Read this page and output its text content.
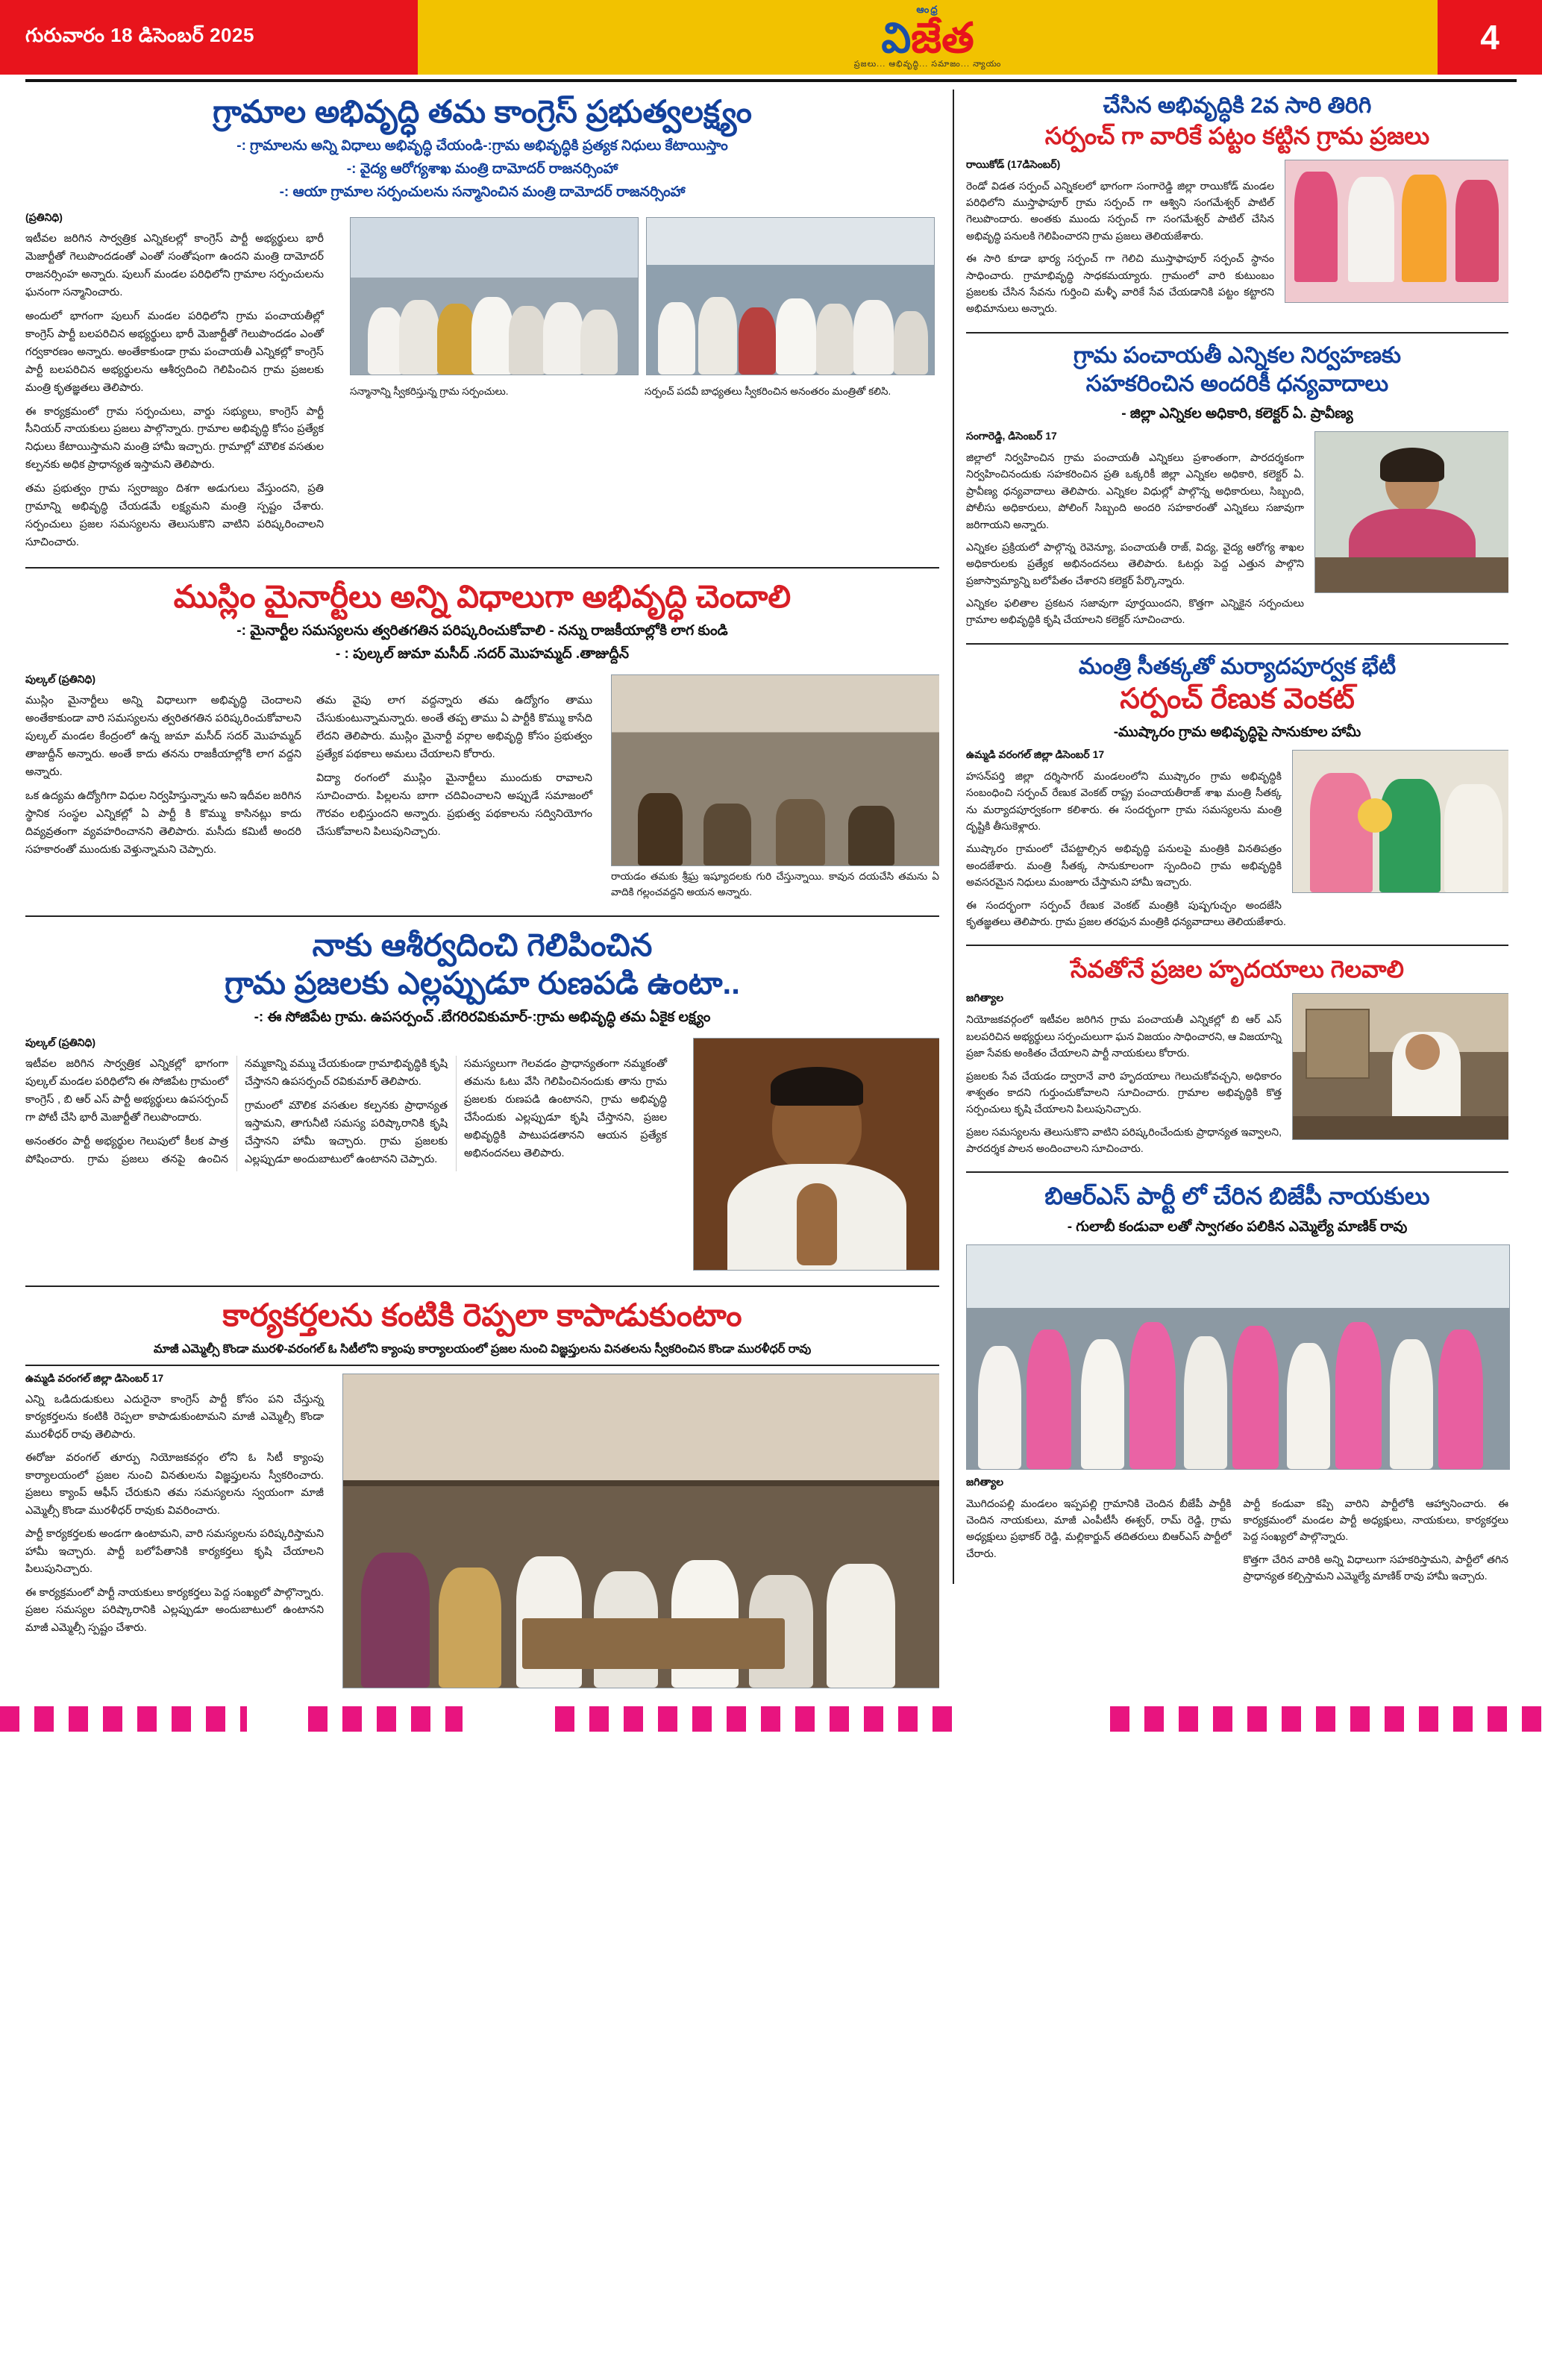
గురువారం 18 డిసెంబర్ 2025
ఆంధ్ర
విజేత
ప్రజలు... ఆభివృద్ధి... సమాజం... న్యాయం
4
గ్రామాల అభివృద్ధి తమ కాంగ్రెస్ ప్రభుత్వలక్ష్యం
-: గ్రామాలను అన్ని విధాలు అభివృద్ధి చేయండి-:గ్రామ అభివృద్ధికి ప్రత్యక నిధులు కేటాయిస్తాం
-: వైద్య ఆరోగ్యశాఖ మంత్రి దామోదర్ రాజనర్సింహా
-: ఆయా గ్రామాల సర్పంచులను సన్మానించిన మంత్రి దామోదర్ రాజనర్సింహా
సన్మానాన్ని స్వీకరిస్తున్న గ్రామ సర్పంచులు.	సర్పంచ్ పదవీ బాధ్యతలు స్వీకరించిన అనంతరం మంత్రితో కలిసి.
(ప్రతినిధి)

ఇటీవల జరిగిన సార్వత్రిక ఎన్నికలల్లో కాంగ్రెస్ పార్టీ అభ్యర్థులు భారీ మెజార్టీతో గెలుపొందడంతో ఎంతో సంతోషంగా ఉందని మంత్రి దామోదర్ రాజనర్సింహ అన్నారు. పులుగ్ మండల పరిధిలోని గ్రామాల సర్పంచులను ఘనంగా సన్మానించారు.

అందులో భాగంగా పులుగ్ మండల పరిధిలోని గ్రామ పంచాయతీల్లో కాంగ్రెస్ పార్టీ బలపరిచిన అభ్యర్థులు భారీ మెజార్టీతో గెలుపొందడం ఎంతో గర్వకారణం అన్నారు. అంతేకాకుండా గ్రామ పంచాయతీ ఎన్నికల్లో కాంగ్రెస్ పార్టీ బలపరిచిన అభ్యర్థులను ఆశీర్వదించి గెలిపించిన గ్రామ ప్రజలకు మంత్రి కృతజ్ఞతలు తెలిపారు.

ఈ కార్యక్రమంలో గ్రామ సర్పంచులు, వార్డు సభ్యులు, కాంగ్రెస్ పార్టీ సీనియర్ నాయకులు ప్రజలు పాల్గొన్నారు. గ్రామాల అభివృద్ధి కోసం ప్రత్యేక నిధులు కేటాయిస్తామని మంత్రి హామీ ఇచ్చారు. గ్రామాల్లో మౌలిక వసతుల కల్పనకు అధిక ప్రాధాన్యత ఇస్తామని తెలిపారు.

తమ ప్రభుత్వం గ్రామ స్వరాజ్యం దిశగా అడుగులు వేస్తుందని, ప్రతి గ్రామాన్ని అభివృద్ధి చేయడమే లక్ష్యమని మంత్రి స్పష్టం చేశారు. సర్పంచులు ప్రజల సమస్యలను తెలుసుకొని వాటిని పరిష్కరించాలని సూచించారు.

ముస్లిం మైనార్టీలు అన్ని విధాలుగా అభివృద్ధి చెందాలి
-: మైనార్టీల సమస్యలను త్వరితగతిన పరిష్కరించుకోవాలి - నన్ను రాజకీయాల్లోకి లాగ కుండి
- : పుల్కల్ జుమా మసీద్ .సదర్ మొహమ్మద్ .తాజుద్దీన్
రాయడం తమకు శ్రీఘ్ర ఇష్యూదలకు గురి చేస్తున్నాయి. కావున దయచేసి తమను ఏ వాదికి గల్లంచవద్దని అయన అన్నారు.
పుల్కల్ (ప్రతినిధి)

ముస్లిం మైనార్టీలు అన్ని విధాలుగా అభివృద్ధి చెందాలని అంతేకాకుండా వారి సమస్యలను త్వరితగతిన పరిష్కరించుకోవాలని పుల్కల్ మండల కేంద్రంలో ఉన్న జుమా మసీద్ సదర్ మొహమ్మద్ తాజుద్దీన్ అన్నారు. అంతే కాదు తనను రాజకీయాల్లోకి లాగ వద్దని అన్నారు.

ఒక ఉద్యమ ఉద్యోగిగా విధుల నిర్వహిస్తున్నాను అని ఇదీవల జరిగిన స్థానిక సంస్థల ఎన్నికల్లో ఏ పార్టీ కి కొమ్ము కాసినట్లు కాదు దివ్యవ్రతంగా వ్యవహరించానని తెలిపారు. మసీదు కమిటీ అందరి సహకారంతో ముందుకు వెళ్తున్నామని చెప్పారు.

తమ వైపు లాగ వద్దన్నారు తమ ఉద్యోగం తాము చేసుకుంటున్నామన్నారు. అంతే తప్ప తాము ఏ పార్టీకి కొమ్ము కాసేది లేదని తెలిపారు. ముస్లిం మైనార్టీ వర్గాల అభివృద్ధి కోసం ప్రభుత్వం ప్రత్యేక పథకాలు అమలు చేయాలని కోరారు.

విద్యా రంగంలో ముస్లిం మైనార్టీలు ముందుకు రావాలని సూచించారు. పిల్లలను బాగా చదివించాలని అప్పుడే సమాజంలో గౌరవం లభిస్తుందని అన్నారు. ప్రభుత్వ పథకాలను సద్వినియోగం చేసుకోవాలని పిలుపునిచ్చారు.

నాకు ఆశీర్వదించి గెలిపించిన
గ్రామ ప్రజలకు ఎల్లప్పుడూ రుణపడి ఉంటా..
-: ఈ సోజిపేట గ్రామ. ఉపసర్పంచ్ .బేగరిరవికుమార్-:గ్రామ అభివృద్ధి తమ ఏకైక లక్ష్యం
పుల్కల్ (ప్రతినిధి)

ఇటీవల జరిగిన సార్వత్రిక ఎన్నికల్లో భాగంగా పుల్కల్ మండల పరిధిలోని ఈ సోజిపేట గ్రామంలో కాంగ్రెస్ , బి ఆర్ ఎస్ పార్టీ అభ్యర్థులు ఉపసర్పంచ్ గా పోటీ చేసి భారీ మెజార్టీతో గెలుపొందారు.

అనంతరం పార్టీ అభ్యర్థుల గెలుపులో కీలక పాత్ర పోషించారు. గ్రామ ప్రజలు తనపై ఉంచిన నమ్మకాన్ని వమ్ము చేయకుండా గ్రామాభివృద్ధికి కృషి చేస్తానని ఉపసర్పంచ్ రవికుమార్ తెలిపారు.

గ్రామంలో మౌలిక వసతుల కల్పనకు ప్రాధాన్యత ఇస్తామని, తాగునీటి సమస్య పరిష్కారానికి కృషి చేస్తానని హామీ ఇచ్చారు. గ్రామ ప్రజలకు ఎల్లప్పుడూ అందుబాటులో ఉంటానని చెప్పారు.

సమస్యలుగా గెలవడం ప్రాధాన్యతంగా నమ్మకంతో తమను ఓటు వేసి గెలిపించినందుకు తాను గ్రామ ప్రజలకు రుణపడి ఉంటానని, గ్రామ అభివృద్ధి చేసేందుకు ఎల్లప్పుడూ కృషి చేస్తానని, ప్రజల అభివృద్ధికి పాటుపడతానని ఆయన ప్రత్యేక అభినందనలు తెలిపారు.

కార్యకర్తలను కంటికి రెప్పలా కాపాడుకుంటాం
మాజీ ఎమ్మెల్సీ కొండా మురళి-వరంగల్ ఓ సిటీలోని క్యాంపు కార్యాలయంలో ప్రజల నుంచి విజ్ఞప్తులను వినతలను స్వీకరించిన కొండా మురళీధర్ రావు
ఉమ్మడి వరంగల్ జిల్లా డిసెంబర్ 17

ఎన్ని ఒడిదుడుకులు ఎదురైనా కాంగ్రెస్ పార్టీ కోసం పని చేస్తున్న కార్యకర్తలను కంటికి రెప్పలా కాపాడుకుంటామని మాజీ ఎమ్మెల్సీ కొండా మురళీధర్ రావు తెలిపారు.

ఈరోజు వరంగల్ తూర్పు నియోజకవర్గం లోని ఓ సిటీ క్యాంపు కార్యాలయంలో ప్రజల నుంచి వినతులను విజ్ఞప్తులను స్వీకరించారు. ప్రజలు క్యాంప్ ఆఫీస్ చేరుకుని తమ సమస్యలను స్వయంగా మాజీ ఎమ్మెల్సీ కొండా మురళీధర్ రావుకు వివరించారు.

పార్టీ కార్యకర్తలకు అండగా ఉంటామని, వారి సమస్యలను పరిష్కరిస్తామని హామీ ఇచ్చారు. పార్టీ బలోపేతానికి కార్యకర్తలు కృషి చేయాలని పిలుపునిచ్చారు.

ఈ కార్యక్రమంలో పార్టీ నాయకులు కార్యకర్తలు పెద్ద సంఖ్యలో పాల్గొన్నారు. ప్రజల సమస్యల పరిష్కారానికి ఎల్లప్పుడూ అందుబాటులో ఉంటానని మాజీ ఎమ్మెల్సీ స్పష్టం చేశారు.

చేసిన అభివృద్ధికి 2వ సారి తిరిగి
సర్పంచ్ గా వారికే పట్టం కట్టిన గ్రామ ప్రజలు
రాయికోడ్ (17డిసెంబర్)

రెండో విడత సర్పంచ్ ఎన్నికలలో భాగంగా సంగారెడ్డి జిల్లా రాయికోడ్ మండల పరిధిలోని ముస్తాఫాపూర్ గ్రామ సర్పంచ్ గా ఆశ్విని సంగమేశ్వర్ పాటిల్ గెలుపొందారు. అంతకు ముందు సర్పంచ్ గా సంగమేశ్వర్ పాటిల్ చేసిన అభివృద్ధి పనులకి గెలిపించారని గ్రామ ప్రజలు తెలియజేశారు.

ఈ సారి కూడా భార్య సర్పంచ్ గా గెలిచి ముస్తాఫాపూర్ సర్పంచ్ స్థానం సాధించారు. గ్రామాభివృద్ధి సాధకమయ్యారు. గ్రామంలో వారి కుటుంబం ప్రజలకు చేసిన సేవను గుర్తించి మళ్ళీ వారికే సేవ చేయడానికి పట్టం కట్టారని అభిమానులు అన్నారు.

గ్రామ పంచాయతీ ఎన్నికల నిర్వహణకు
సహకరించిన అందరికీ ధన్యవాదాలు
- జిల్లా ఎన్నికల అధికారి, కలెక్టర్ ఏ. ప్రావీణ్య
సంగారెడ్డి, డిసెంబర్ 17

జిల్లాలో నిర్వహించిన గ్రామ పంచాయతీ ఎన్నికలు ప్రశాంతంగా, పారదర్శకంగా నిర్వహించినందుకు సహకరించిన ప్రతి ఒక్కరికీ జిల్లా ఎన్నికల అధికారి, కలెక్టర్ ఏ. ప్రావీణ్య ధన్యవాదాలు తెలిపారు. ఎన్నికల విధుల్లో పాల్గొన్న అధికారులు, సిబ్బంది, పోలీసు అధికారులు, పోలింగ్ సిబ్బంది అందరి సహకారంతో ఎన్నికలు సజావుగా జరిగాయని అన్నారు.

ఎన్నికల ప్రక్రియలో పాల్గొన్న రెవెన్యూ, పంచాయతీ రాజ్, విద్య, వైద్య ఆరోగ్య శాఖల అధికారులకు ప్రత్యేక అభినందనలు తెలిపారు. ఓటర్లు పెద్ద ఎత్తున పాల్గొని ప్రజాస్వామ్యాన్ని బలోపేతం చేశారని కలెక్టర్ పేర్కొన్నారు.

ఎన్నికల ఫలితాల ప్రకటన సజావుగా పూర్తయిందని, కొత్తగా ఎన్నికైన సర్పంచులు గ్రామాల అభివృద్ధికి కృషి చేయాలని కలెక్టర్ సూచించారు.

మంత్రి సీతక్కతో మర్యాదపూర్వక భేటీ
సర్పంచ్ రేణుక వెంకట్
-ముష్కారం గ్రామ అభివృద్ధిపై సానుకూల హామీ
ఉమ్మడి వరంగల్ జిల్లా డిసెంబర్ 17

హసన్‌పర్తి జిల్లా దర్శిసాగర్ మండలంలోని ముష్కారం గ్రామ అభివృద్ధికి సంబంధించి సర్పంచ్ రేణుక వెంకట్ రాష్ట్ర పంచాయతీరాజ్ శాఖ మంత్రి సీతక్క ను మర్యాదపూర్వకంగా కలిశారు. ఈ సందర్భంగా గ్రామ సమస్యలను మంత్రి దృష్టికి తీసుకెళ్లారు.

ముష్కారం గ్రామంలో చేపట్టాల్సిన అభివృద్ధి పనులపై మంత్రికి వినతిపత్రం అందజేశారు. మంత్రి సీతక్క సానుకూలంగా స్పందించి గ్రామ అభివృద్ధికి అవసరమైన నిధులు మంజూరు చేస్తామని హామీ ఇచ్చారు.

ఈ సందర్భంగా సర్పంచ్ రేణుక వెంకట్ మంత్రికి పుష్పగుచ్ఛం అందజేసి కృతజ్ఞతలు తెలిపారు. గ్రామ ప్రజల తరఫున మంత్రికి ధన్యవాదాలు తెలియజేశారు.

సేవతోనే ప్రజల హృదయాలు గెలవాలి
జగిత్యాల

నియోజకవర్గంలో ఇటీవల జరిగిన గ్రామ పంచాయతీ ఎన్నికల్లో బి ఆర్ ఎస్ బలపరిచిన అభ్యర్థులు సర్పంచులుగా ఘన విజయం సాధించారని, ఆ విజయాన్ని ప్రజా సేవకు అంకితం చేయాలని పార్టీ నాయకులు కోరారు.

ప్రజలకు సేవ చేయడం ద్వారానే వారి హృదయాలు గెలుచుకోవచ్చని, అధికారం శాశ్వతం కాదని గుర్తుంచుకోవాలని సూచించారు. గ్రామాల అభివృద్ధికి కొత్త సర్పంచులు కృషి చేయాలని పిలుపునిచ్చారు.

ప్రజల సమస్యలను తెలుసుకొని వాటిని పరిష్కరించేందుకు ప్రాధాన్యత ఇవ్వాలని, పారదర్శక పాలన అందించాలని సూచించారు.

బిఆర్ఎస్ పార్టీ లో చేరిన బిజేపీ నాయకులు
- గులాబీ కండువా లతో స్వాగతం పలికిన ఎమ్మెల్యే మాణిక్ రావు
జగిత్యాల

మొగిదంపల్లి మండలం ఇప్పపల్లి గ్రామానికి చెందిన బీజేపీ పార్టీకి చెందిన నాయకులు, మాజీ ఎంపీటీసీ ఈశ్వర్, రామ్ రెడ్డి, గ్రామ అధ్యక్షులు ప్రభాకర్ రెడ్డి, మల్లికార్జున్ తదితరులు బిఆర్ఎస్ పార్టీలో చేరారు.

పార్టీ కండువా కప్పి వారిని పార్టీలోకి ఆహ్వానించారు. ఈ కార్యక్రమంలో మండల పార్టీ అధ్యక్షులు, నాయకులు, కార్యకర్తలు పెద్ద సంఖ్యలో పాల్గొన్నారు.

కొత్తగా చేరిన వారికి అన్ని విధాలుగా సహకరిస్తామని, పార్టీలో తగిన ప్రాధాన్యత కల్పిస్తామని ఎమ్మెల్యే మాణిక్ రావు హామీ ఇచ్చారు.
